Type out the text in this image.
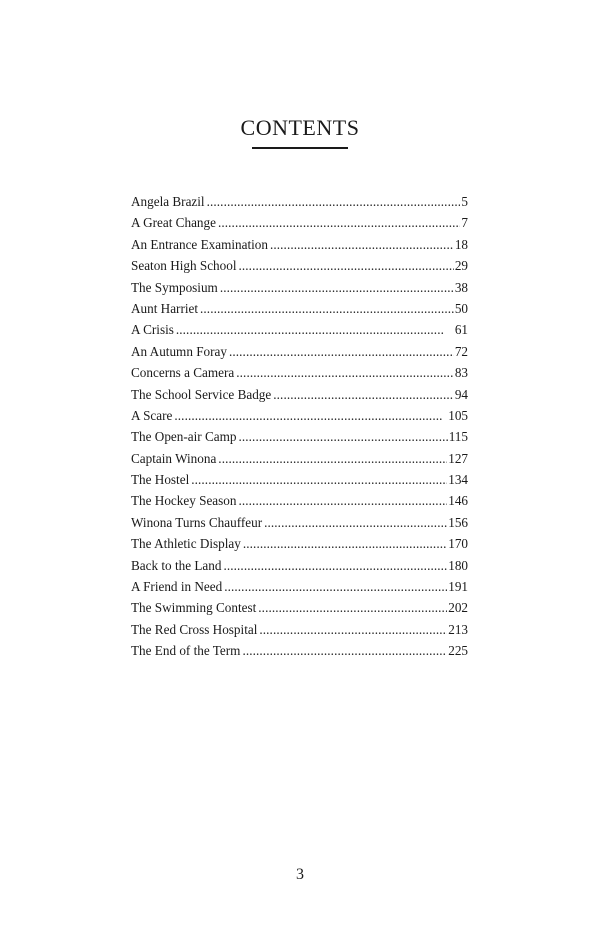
CONTENTS
Angela Brazil . . .	5
A Great Change . . .	7
An Entrance Examination . . .	18
Seaton High School . . .	29
The Symposium . . .	38
Aunt Harriet . . .	50
A Crisis . . .	61
An Autumn Foray . . .	72
Concerns a Camera . . .	83
The School Service Badge . . .	94
A Scare . . .	105
The Open-air Camp . . .	115
Captain Winona . . .	127
The Hostel . . .	134
The Hockey Season . . .	146
Winona Turns Chauffeur . . .	156
The Athletic Display . . .	170
Back to the Land . . .	180
A Friend in Need . . .	191
The Swimming Contest . . .	202
The Red Cross Hospital . . .	213
The End of the Term . . .	225
3
